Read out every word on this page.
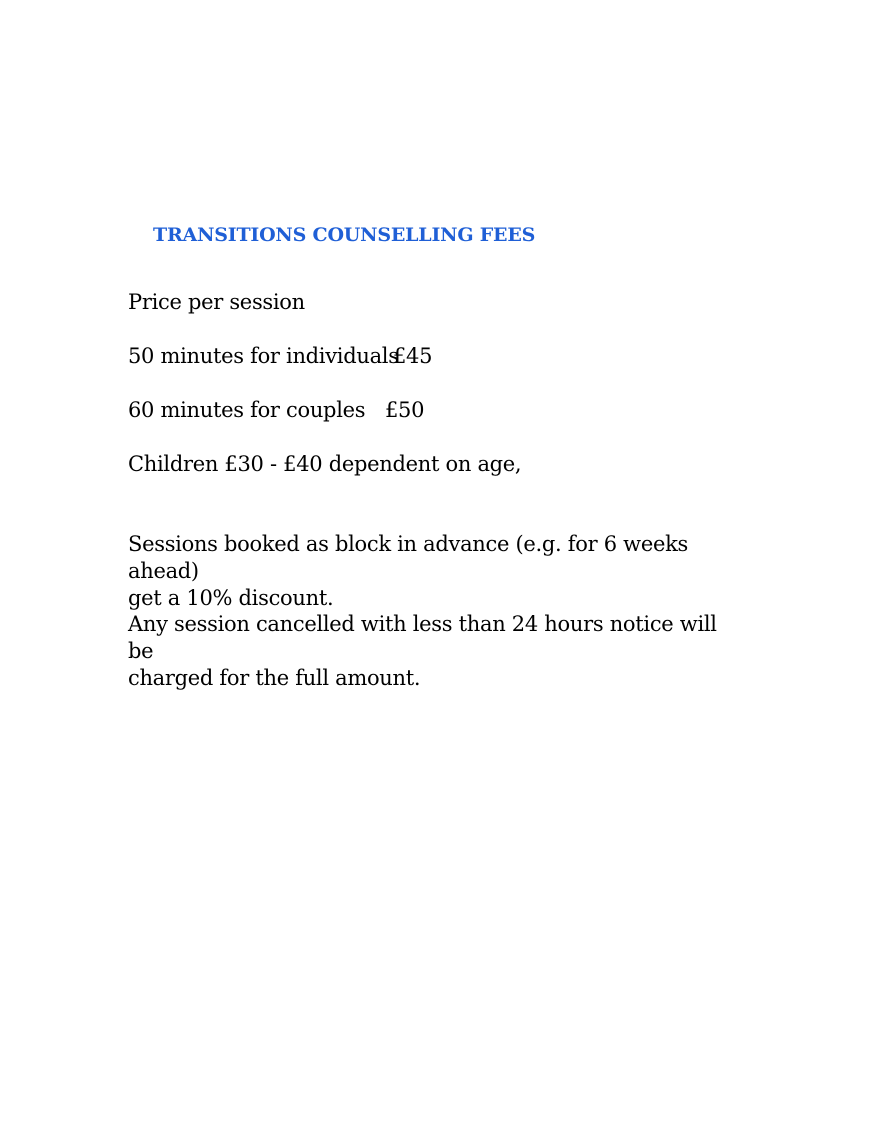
TRANSITIONS COUNSELLING FEES
Price per session
50 minutes for individuals
£45
60 minutes for couples £50
Children £30 - £40 dependent on age,
Sessions booked as block in advance (e.g. for 6 weeks ahead)
get a 10% discount.
Any session cancelled with less than 24 hours notice will be
charged for the full amount.
